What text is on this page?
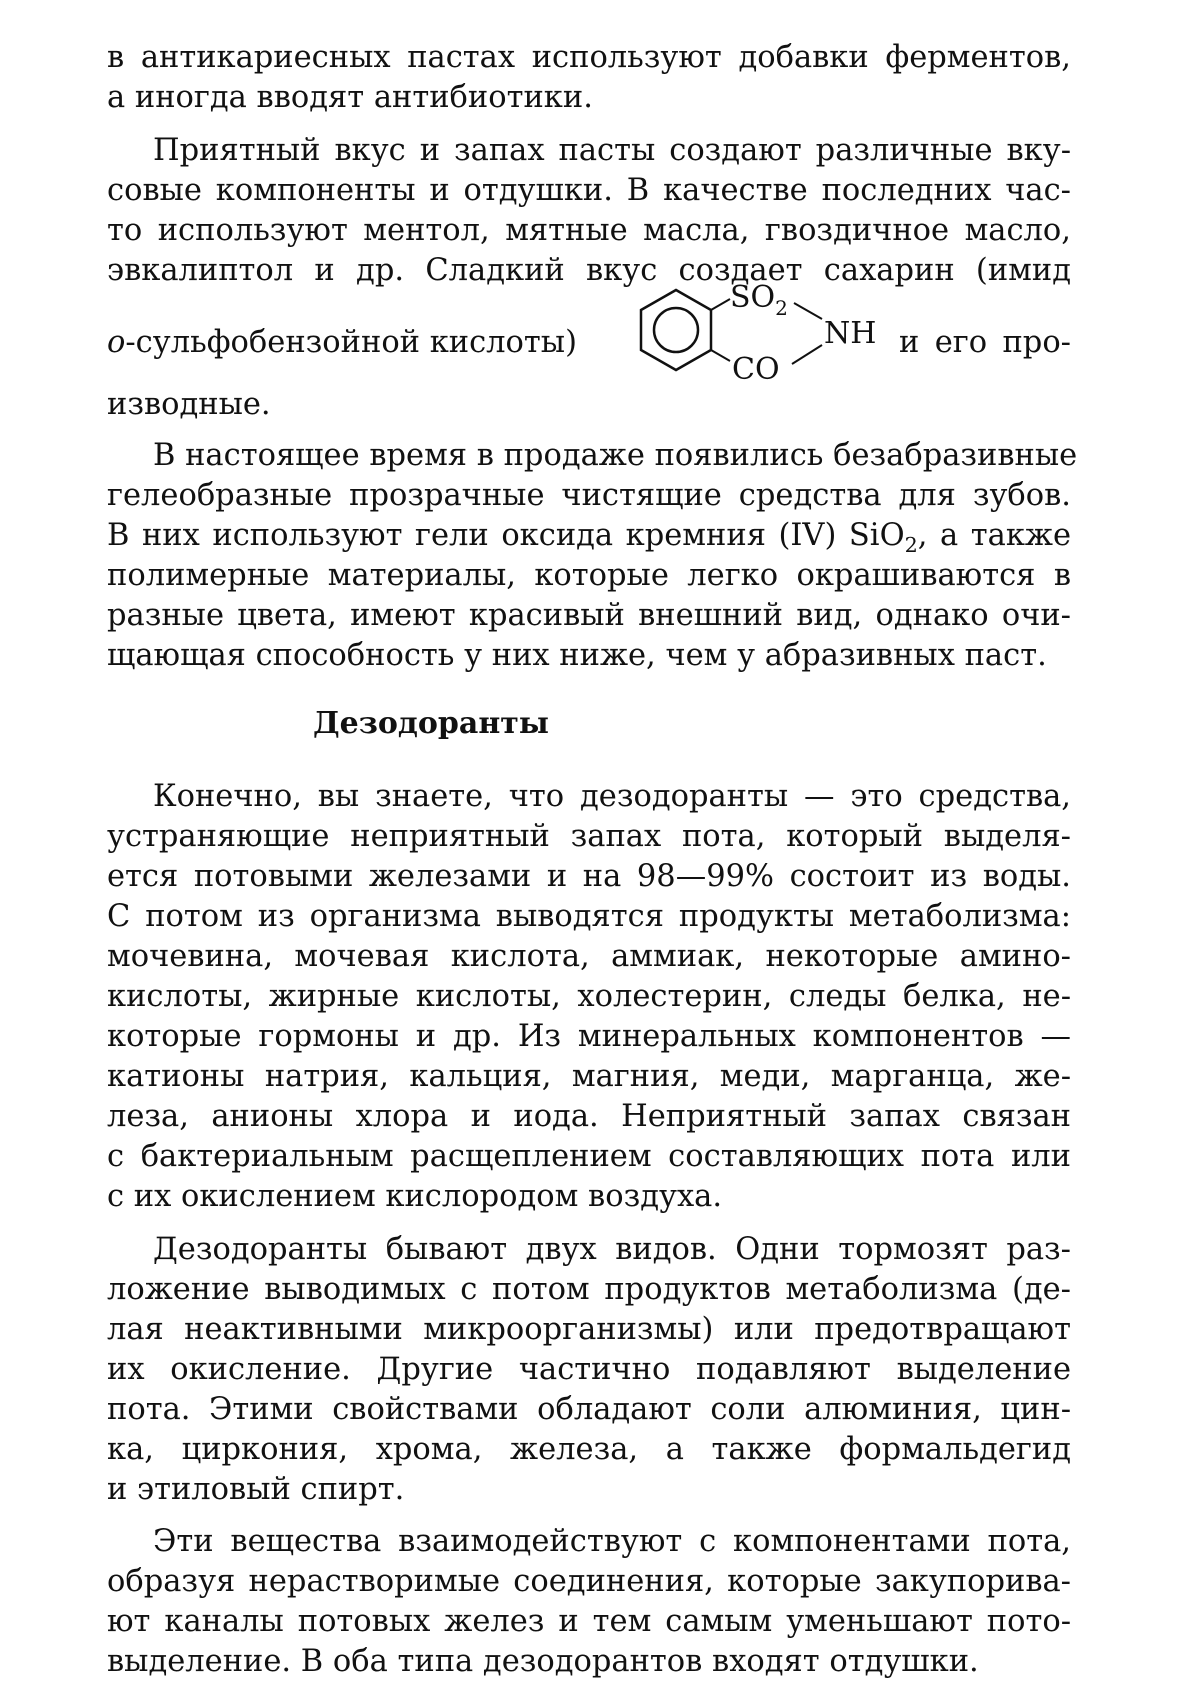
в антикариесных пастах используют добавки ферментов,
а иногда вводят антибиотики.
Приятный вкус и запах пасты создают различные вку-
совые компоненты и отдушки. В качестве последних час-
то используют ментол, мятные масла, гвоздичное масло,
эвкалиптол и др. Сладкий вкус создает сахарин (имид
о-сульфобензойной кислоты)
$SO_2$
CO
NH и его про-
изводные.
В настоящее время в продаже появились безабразивные
гелеобразные прозрачные чистящие средства для зубов.
В них используют гели оксида кремния (IV) SiO$_2$, а также
полимерные материалы, которые легко окрашиваются в
разные цвета, имеют красивый внешний вид, однако очи-
щающая способность у них ниже, чем у абразивных паст.
Дезодоранты
Конечно, вы знаете, что дезодоранты — это средства,
устраняющие неприятный запах пота, который выделя-
ется потовыми железами и на 98—99% состоит из воды.
С потом из организма выводятся продукты метаболизма:
мочевина, мочевая кислота, аммиак, некоторые амино-
кислоты, жирные кислоты, холестерин, следы белка, не-
которые гормоны и др. Из минеральных компонентов —
катионы натрия, кальция, магния, меди, марганца, же-
леза, анионы хлора и иода. Неприятный запах связан
с бактериальным расщеплением составляющих пота или
с их окислением кислородом воздуха.
Дезодоранты бывают двух видов. Одни тормозят раз-
ложение выводимых с потом продуктов метаболизма (де-
лая неактивными микроорганизмы) или предотвращают
их окисление. Другие частично подавляют выделение
пота. Этими свойствами обладают соли алюминия, цин-
ка, циркония, хрома, железа, а также формальдегид
и этиловый спирт.
Эти вещества взаимодействуют с компонентами пота,
образуя нерастворимые соединения, которые закупорива-
ют каналы потовых желез и тем самым уменьшают пото-
выделение. В оба типа дезодорантов входят отдушки.
